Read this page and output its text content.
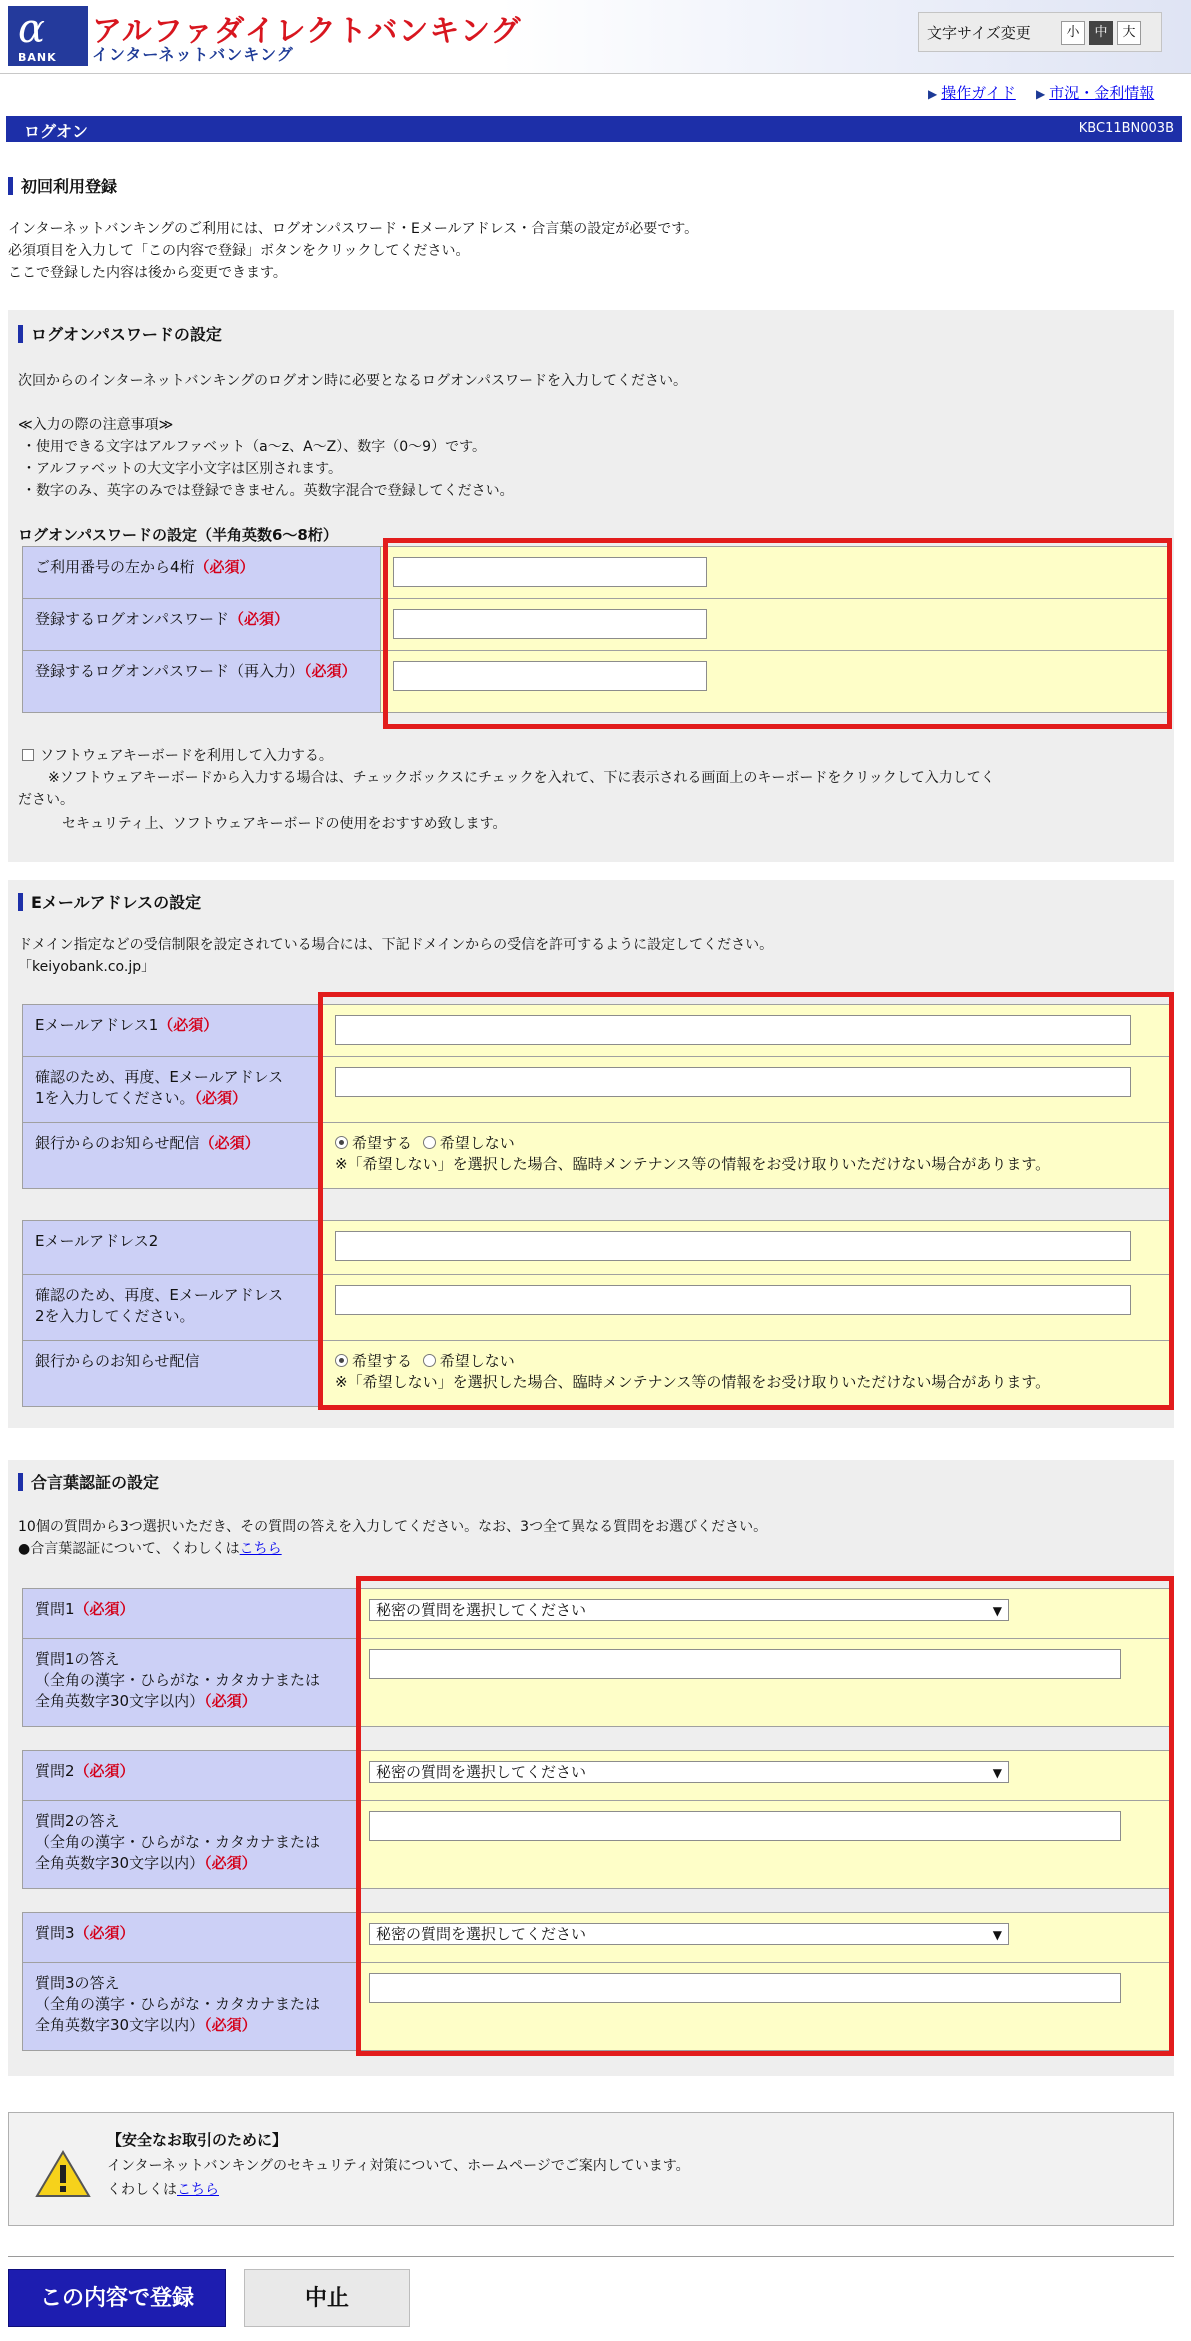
α
BANK
アルファダイレクトバンキング
インターネットバンキング
文字サイズ変更	小	中	大
▶ 操作ガイド ▶ 市況・金利情報
ログオン	KBC11BN003B
初回利用登録
インターネットバンキングのご利用には、ログオンパスワード・Eメールアドレス・合言葉の設定が必要です。
必須項目を入力して「この内容で登録」ボタンをクリックしてください。
ここで登録した内容は後から変更できます。
ログオンパスワードの設定
次回からのインターネットバンキングのログオン時に必要となるログオンパスワードを入力してください。
≪入力の際の注意事項≫
・使用できる文字はアルファベット（a〜z、A〜Z）、数字（0〜9）です。
・アルファベットの大文字小文字は区別されます。
・数字のみ、英字のみでは登録できません。英数字混合で登録してください。
ログオンパスワードの設定（半角英数6〜8桁）
ご利用番号の左から4桁（必須）	

登録するログオンパスワード（必須）	

登録するログオンパスワード（再入力）（必須）	
ソフトウェアキーボードを利用して入力する。
※ソフトウェアキーボードから入力する場合は、チェックボックスにチェックを入れて、下に表示される画面上のキーボードをクリックして入力してく
ださい。
セキュリティ上、ソフトウェアキーボードの使用をおすすめ致します。
Eメールアドレスの設定
ドメイン指定などの受信制限を設定されている場合には、下記ドメインからの受信を許可するように設定してください。
「keiyobank.co.jp」
Eメールアドレス1（必須）	

確認のため、再度、Eメールアドレス
1を入力してください。（必須）	

銀行からのお知らせ配信（必須）	希望する 希望しない
※「希望しない」を選択した場合、臨時メンテナンス等の情報をお受け取りいただけない場合があります。
Eメールアドレス2	

確認のため、再度、Eメールアドレス
2を入力してください。	

銀行からのお知らせ配信	希望する 希望しない
※「希望しない」を選択した場合、臨時メンテナンス等の情報をお受け取りいただけない場合があります。
合言葉認証の設定
10個の質問から3つ選択いただき、その質問の答えを入力してください。なお、3つ全て異なる質問をお選びください。
●合言葉認証について、くわしくはこちら
質問1（必須）	秘密の質問を選択してください ▼

質問1の答え
（全角の漢字・ひらがな・カタカナまたは
全角英数字30文字以内）（必須）	
質問2（必須）	秘密の質問を選択してください ▼

質問2の答え
（全角の漢字・ひらがな・カタカナまたは
全角英数字30文字以内）（必須）	
質問3（必須）	秘密の質問を選択してください ▼

質問3の答え
（全角の漢字・ひらがな・カタカナまたは
全角英数字30文字以内）（必須）	
【安全なお取引のために】
インターネットバンキングのセキュリティ対策について、ホームページでご案内しています。
くわしくはこちら
この内容で登録	中止
